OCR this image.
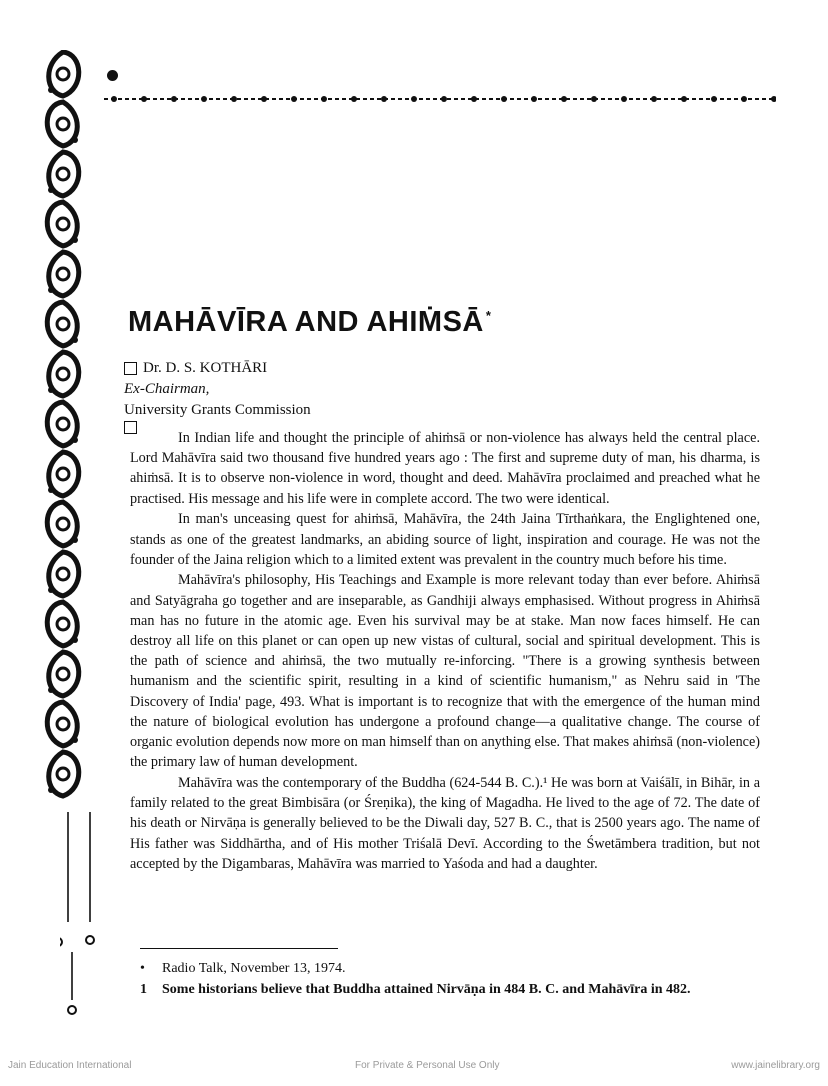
MAHĀVĪRA AND AHIṀSĀ *
Dr. D. S. KOTHĀRI
Ex-Chairman,
University Grants Commission

In Indian life and thought the principle of ahiṁsā or non-violence has always held the central place. Lord Mahāvīra said two thousand five hundred years ago : The first and supreme duty of man, his dharma, is ahiṁsā. It is to observe non-violence in word, thought and deed. Mahāvīra proclaimed and preached what he practised. His message and his life were in complete accord. The two were identical.

In man's unceasing quest for ahiṁsā, Mahāvīra, the 24th Jaina Tīrthaṅkara, the Englightened one, stands as one of the greatest landmarks, an abiding source of light, inspiration and courage. He was not the founder of the Jaina religion which to a limited extent was prevalent in the country much before his time.

Mahāvīra's philosophy, His Teachings and Example is more relevant today than ever before. Ahiṁsā and Satyāgraha go together and are inseparable, as Gandhiji always emphasised. Without progress in Ahiṁsā man has no future in the atomic age. Even his survival may be at stake. Man now faces himself. He can destroy all life on this planet or can open up new vistas of cultural, social and spiritual development. This is the path of science and ahiṁsā, the two mutually re-inforcing. "There is a growing synthesis between humanism and the scientific spirit, resulting in a kind of scientific humanism," as Nehru said in 'The Discovery of India' page, 493. What is important is to recognize that with the emergence of the human mind the nature of biological evolution has undergone a profound change—a qualitative change. The course of organic evolution depends now more on man himself than on anything else. That makes ahiṁsā (non-violence) the primary law of human development.

Mahāvīra was the contemporary of the Buddha (624-544 B. C.).¹ He was born at Vaiśālī, in Bihār, in a family related to the great Bimbisāra (or Śreṇika), the king of Magadha. He lived to the age of 72. The date of his death or Nirvāṇa is generally believed to be the Diwali day, 527 B. C., that is 2500 years ago. The name of His father was Siddhārtha, and of His mother Triśalā Devī. According to the Śwetāmbera tradition, but not accepted by the Digambaras, Mahāvīra was married to Yaśoda and had a daughter.

•	Radio Talk, November 13, 1974.
1	Some historians believe that Buddha attained Nirvāṇa in 484 B. C. and Mahāvīra in 482.
Jain Education International	For Private & Personal Use Only	www.jainelibrary.org
